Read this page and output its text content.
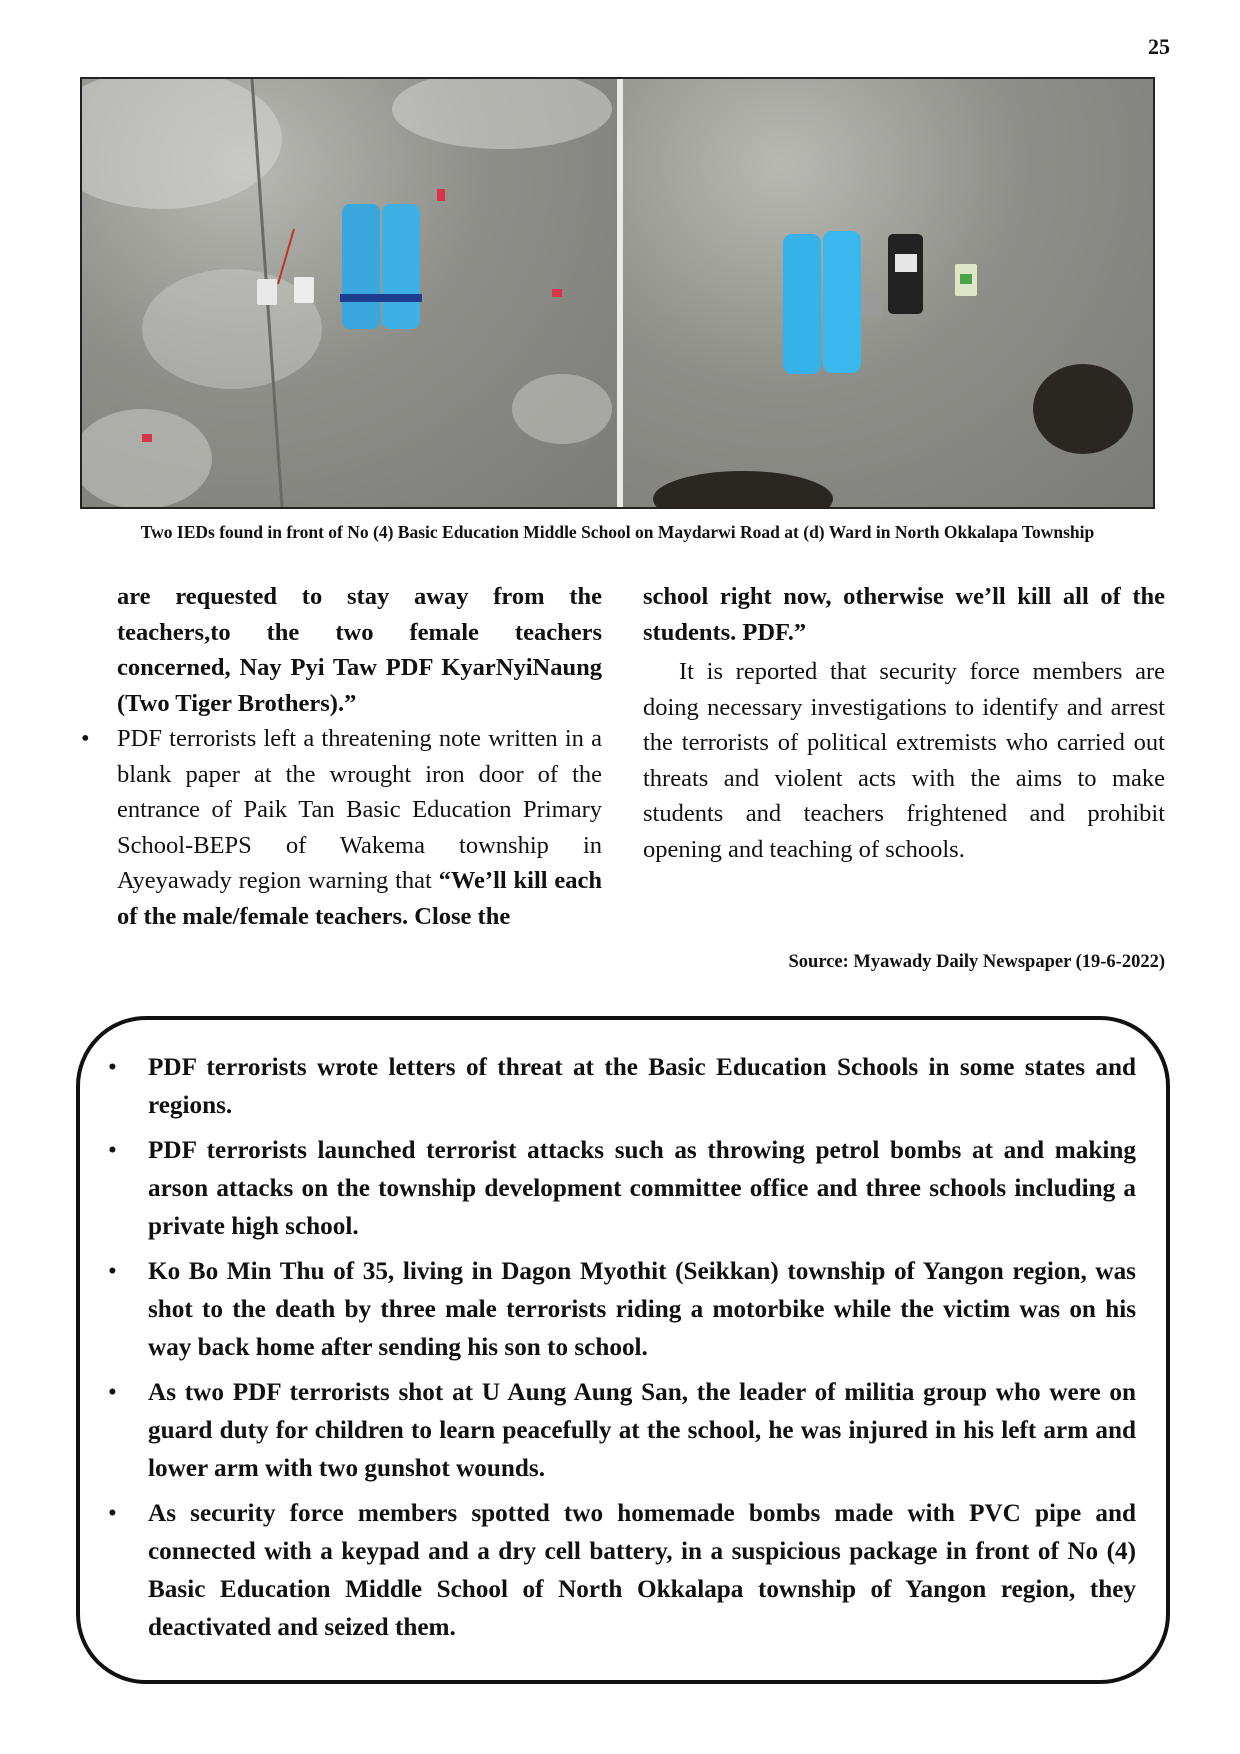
25
Two IEDs found in front of No (4) Basic Education Middle School on Maydarwi Road at (d) Ward in North Okkalapa Township

are requested to stay away from the teachers,to the two female teachers concerned, Nay Pyi Taw PDF KyarNyiNaung (Two Tiger Brothers).”

• PDF terrorists left a threatening note written in a blank paper at the wrought iron door of the entrance of Paik Tan Basic Education Primary School-BEPS of Wakema township in Ayeyawady region warning that “We’ll kill each of the male/female teachers. Close the

school right now, otherwise we’ll kill all of the students. PDF.”

It is reported that security force members are doing necessary investigations to identify and arrest the terrorists of political extremists who carried out threats and violent acts with the aims to make students and teachers frightened and prohibit opening and teaching of schools.

Source: Myawady Daily Newspaper (19-6-2022)
• PDF terrorists wrote letters of threat at the Basic Education Schools in some states and regions.
• PDF terrorists launched terrorist attacks such as throwing petrol bombs at and making arson attacks on the township development committee office and three schools including a private high school.
• Ko Bo Min Thu of 35, living in Dagon Myothit (Seikkan) township of Yangon region, was shot to the death by three male terrorists riding a motorbike while the victim was on his way back home after sending his son to school.
• As two PDF terrorists shot at U Aung Aung San, the leader of militia group who were on guard duty for children to learn peacefully at the school, he was injured in his left arm and lower arm with two gunshot wounds.
• As security force members spotted two homemade bombs made with PVC pipe and connected with a keypad and a dry cell battery, in a suspicious package in front of No (4) Basic Education Middle School of North Okkalapa township of Yangon region, they deactivated and seized them.
